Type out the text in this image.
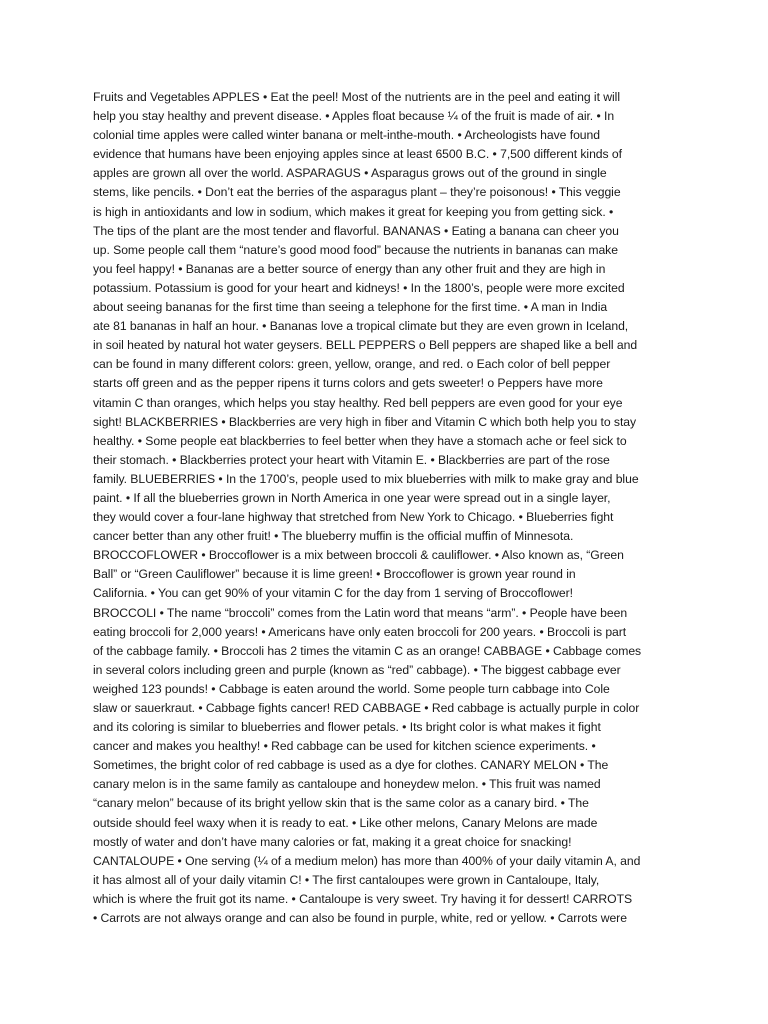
Fruits and Vegetables APPLES • Eat the peel! Most of the nutrients are in the peel and eating it will
help you stay healthy and prevent disease. • Apples float because ¼ of the fruit is made of air. • In
colonial time apples were called winter banana or melt-inthe-mouth. • Archeologists have found
evidence that humans have been enjoying apples since at least 6500 B.C. • 7,500 different kinds of
apples are grown all over the world. ASPARAGUS • Asparagus grows out of the ground in single
stems, like pencils. • Don’t eat the berries of the asparagus plant – they’re poisonous! • This veggie
is high in antioxidants and low in sodium, which makes it great for keeping you from getting sick. •
The tips of the plant are the most tender and flavorful. BANANAS • Eating a banana can cheer you
up. Some people call them “nature’s good mood food” because the nutrients in bananas can make
you feel happy! • Bananas are a better source of energy than any other fruit and they are high in
potassium. Potassium is good for your heart and kidneys! • In the 1800’s, people were more excited
about seeing bananas for the first time than seeing a telephone for the first time. • A man in India
ate 81 bananas in half an hour. • Bananas love a tropical climate but they are even grown in Iceland,
in soil heated by natural hot water geysers. BELL PEPPERS o Bell peppers are shaped like a bell and
can be found in many different colors: green, yellow, orange, and red. o Each color of bell pepper
starts off green and as the pepper ripens it turns colors and gets sweeter! o Peppers have more
vitamin C than oranges, which helps you stay healthy. Red bell peppers are even good for your eye
sight! BLACKBERRIES • Blackberries are very high in fiber and Vitamin C which both help you to stay
healthy. • Some people eat blackberries to feel better when they have a stomach ache or feel sick to
their stomach. • Blackberries protect your heart with Vitamin E. • Blackberries are part of the rose
family. BLUEBERRIES • In the 1700’s, people used to mix blueberries with milk to make gray and blue
paint. • If all the blueberries grown in North America in one year were spread out in a single layer,
they would cover a four-lane highway that stretched from New York to Chicago. • Blueberries fight
cancer better than any other fruit! • The blueberry muffin is the official muffin of Minnesota.
BROCCOFLOWER • Broccoflower is a mix between broccoli & cauliflower. • Also known as, “Green
Ball” or “Green Cauliflower” because it is lime green! • Broccoflower is grown year round in
California. • You can get 90% of your vitamin C for the day from 1 serving of Broccoflower!
BROCCOLI • The name “broccoli” comes from the Latin word that means “arm”. • People have been
eating broccoli for 2,000 years! • Americans have only eaten broccoli for 200 years. • Broccoli is part
of the cabbage family. • Broccoli has 2 times the vitamin C as an orange! CABBAGE • Cabbage comes
in several colors including green and purple (known as “red” cabbage). • The biggest cabbage ever
weighed 123 pounds! • Cabbage is eaten around the world. Some people turn cabbage into Cole
slaw or sauerkraut. • Cabbage fights cancer! RED CABBAGE • Red cabbage is actually purple in color
and its coloring is similar to blueberries and flower petals. • Its bright color is what makes it fight
cancer and makes you healthy! • Red cabbage can be used for kitchen science experiments. •
Sometimes, the bright color of red cabbage is used as a dye for clothes. CANARY MELON • The
canary melon is in the same family as cantaloupe and honeydew melon. • This fruit was named
“canary melon” because of its bright yellow skin that is the same color as a canary bird. • The
outside should feel waxy when it is ready to eat. • Like other melons, Canary Melons are made
mostly of water and don’t have many calories or fat, making it a great choice for snacking!
CANTALOUPE • One serving (¼ of a medium melon) has more than 400% of your daily vitamin A, and
it has almost all of your daily vitamin C! • The first cantaloupes were grown in Cantaloupe, Italy,
which is where the fruit got its name. • Cantaloupe is very sweet. Try having it for dessert! CARROTS
• Carrots are not always orange and can also be found in purple, white, red or yellow. • Carrots were
